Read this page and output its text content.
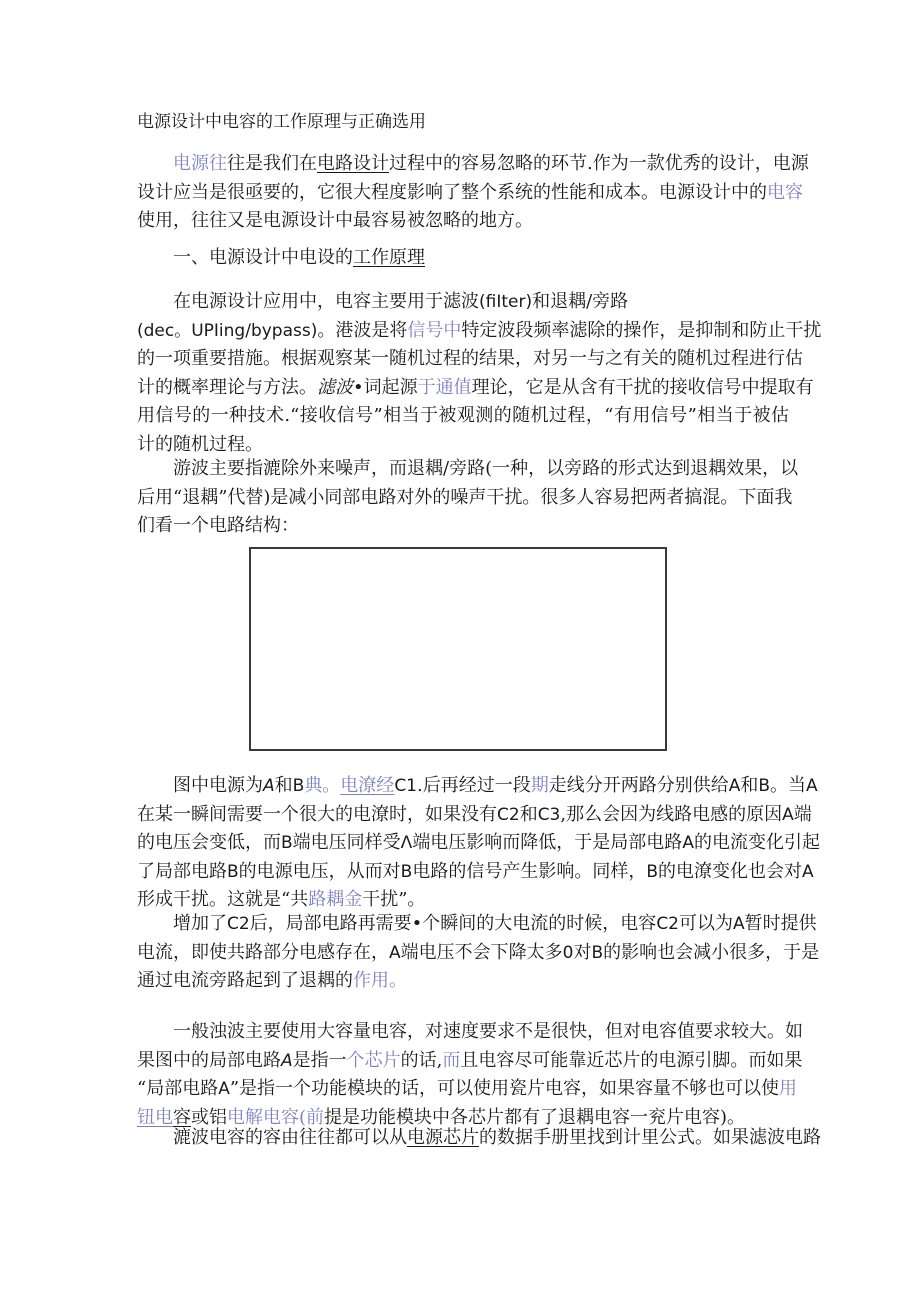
电源设计中电容的工作原理与正确选用
电源往往是我们在电路设计过程中的容易忽略的环节.作为一款优秀的设计，电源
设计应当是很亟要的，它很大程度影响了整个系统的性能和成本。电源设计中的电容
使用，往往又是电源设计中最容易被忽略的地方。
一、电源设计中电设的工作原理
在电源设计应用中，电容主要用于滤波(fiIter)和退耦/旁路
(dec。UPIing/bypass)。港波是将信号中特定波段频率滤除的操作，是抑制和防止干扰
的一项重要措施。根据观察某一随机过程的结果，对另一与之有关的随机过程进行估
计的概率理论与方法。滤波•词起源于通值理论，它是从含有干扰的接收信号中提取有
用信号的一种技术.“接收信号”相当于被观测的随机过程，“有用信号”相当于被估
计的随机过程。
游波主要指漉除外来噪声，而退耦/旁路(一种，以旁路的形式达到退耦效果，以
后用“退耦”代替)是减小同部电路对外的噪声干扰。很多人容易把两者搞混。下面我
们看一个电路结构：
图中电源为A和B典。电潦经C1.后再经过一段期走线分开两路分别供给A和B。当A
在某一瞬间需要一个很大的电潦时，如果没有C2和C3,那么会因为线路电感的原因A端
的电压会变低，而B端电压同样受Λ端电压影响而降低，于是局部电路A的电流变化引起
了局部电路B的电源电压，从而对B电路的信号产生影响。同样，B的电潦变化也会对A
形成干扰。这就是“共路耦金干扰”。
增加了C2后，局部电路再需要•个瞬间的大电流的时候，电容C2可以为A暂时提供
电流，即使共路部分电感存在，A端电压不会下降太多0对B的影响也会减小很多，于是
通过电流旁路起到了退耦的作用。
一般浊波主要使用大容量电容，对速度要求不是很快，但对电容值要求较大。如
果图中的局部电路A是指一个芯片的话,而且电容尽可能靠近芯片的电源引脚。而如果
“局部电路A”是指一个功能模块的话，可以使用瓷片电容，如果容量不够也可以使用
钮电容或铝电解电容(前提是功能模块中各芯片都有了退耦电容一兖片电容)。
漉波电容的容由往往都可以从电源芯片的数据手册里找到计里公式。如果滤波电路
